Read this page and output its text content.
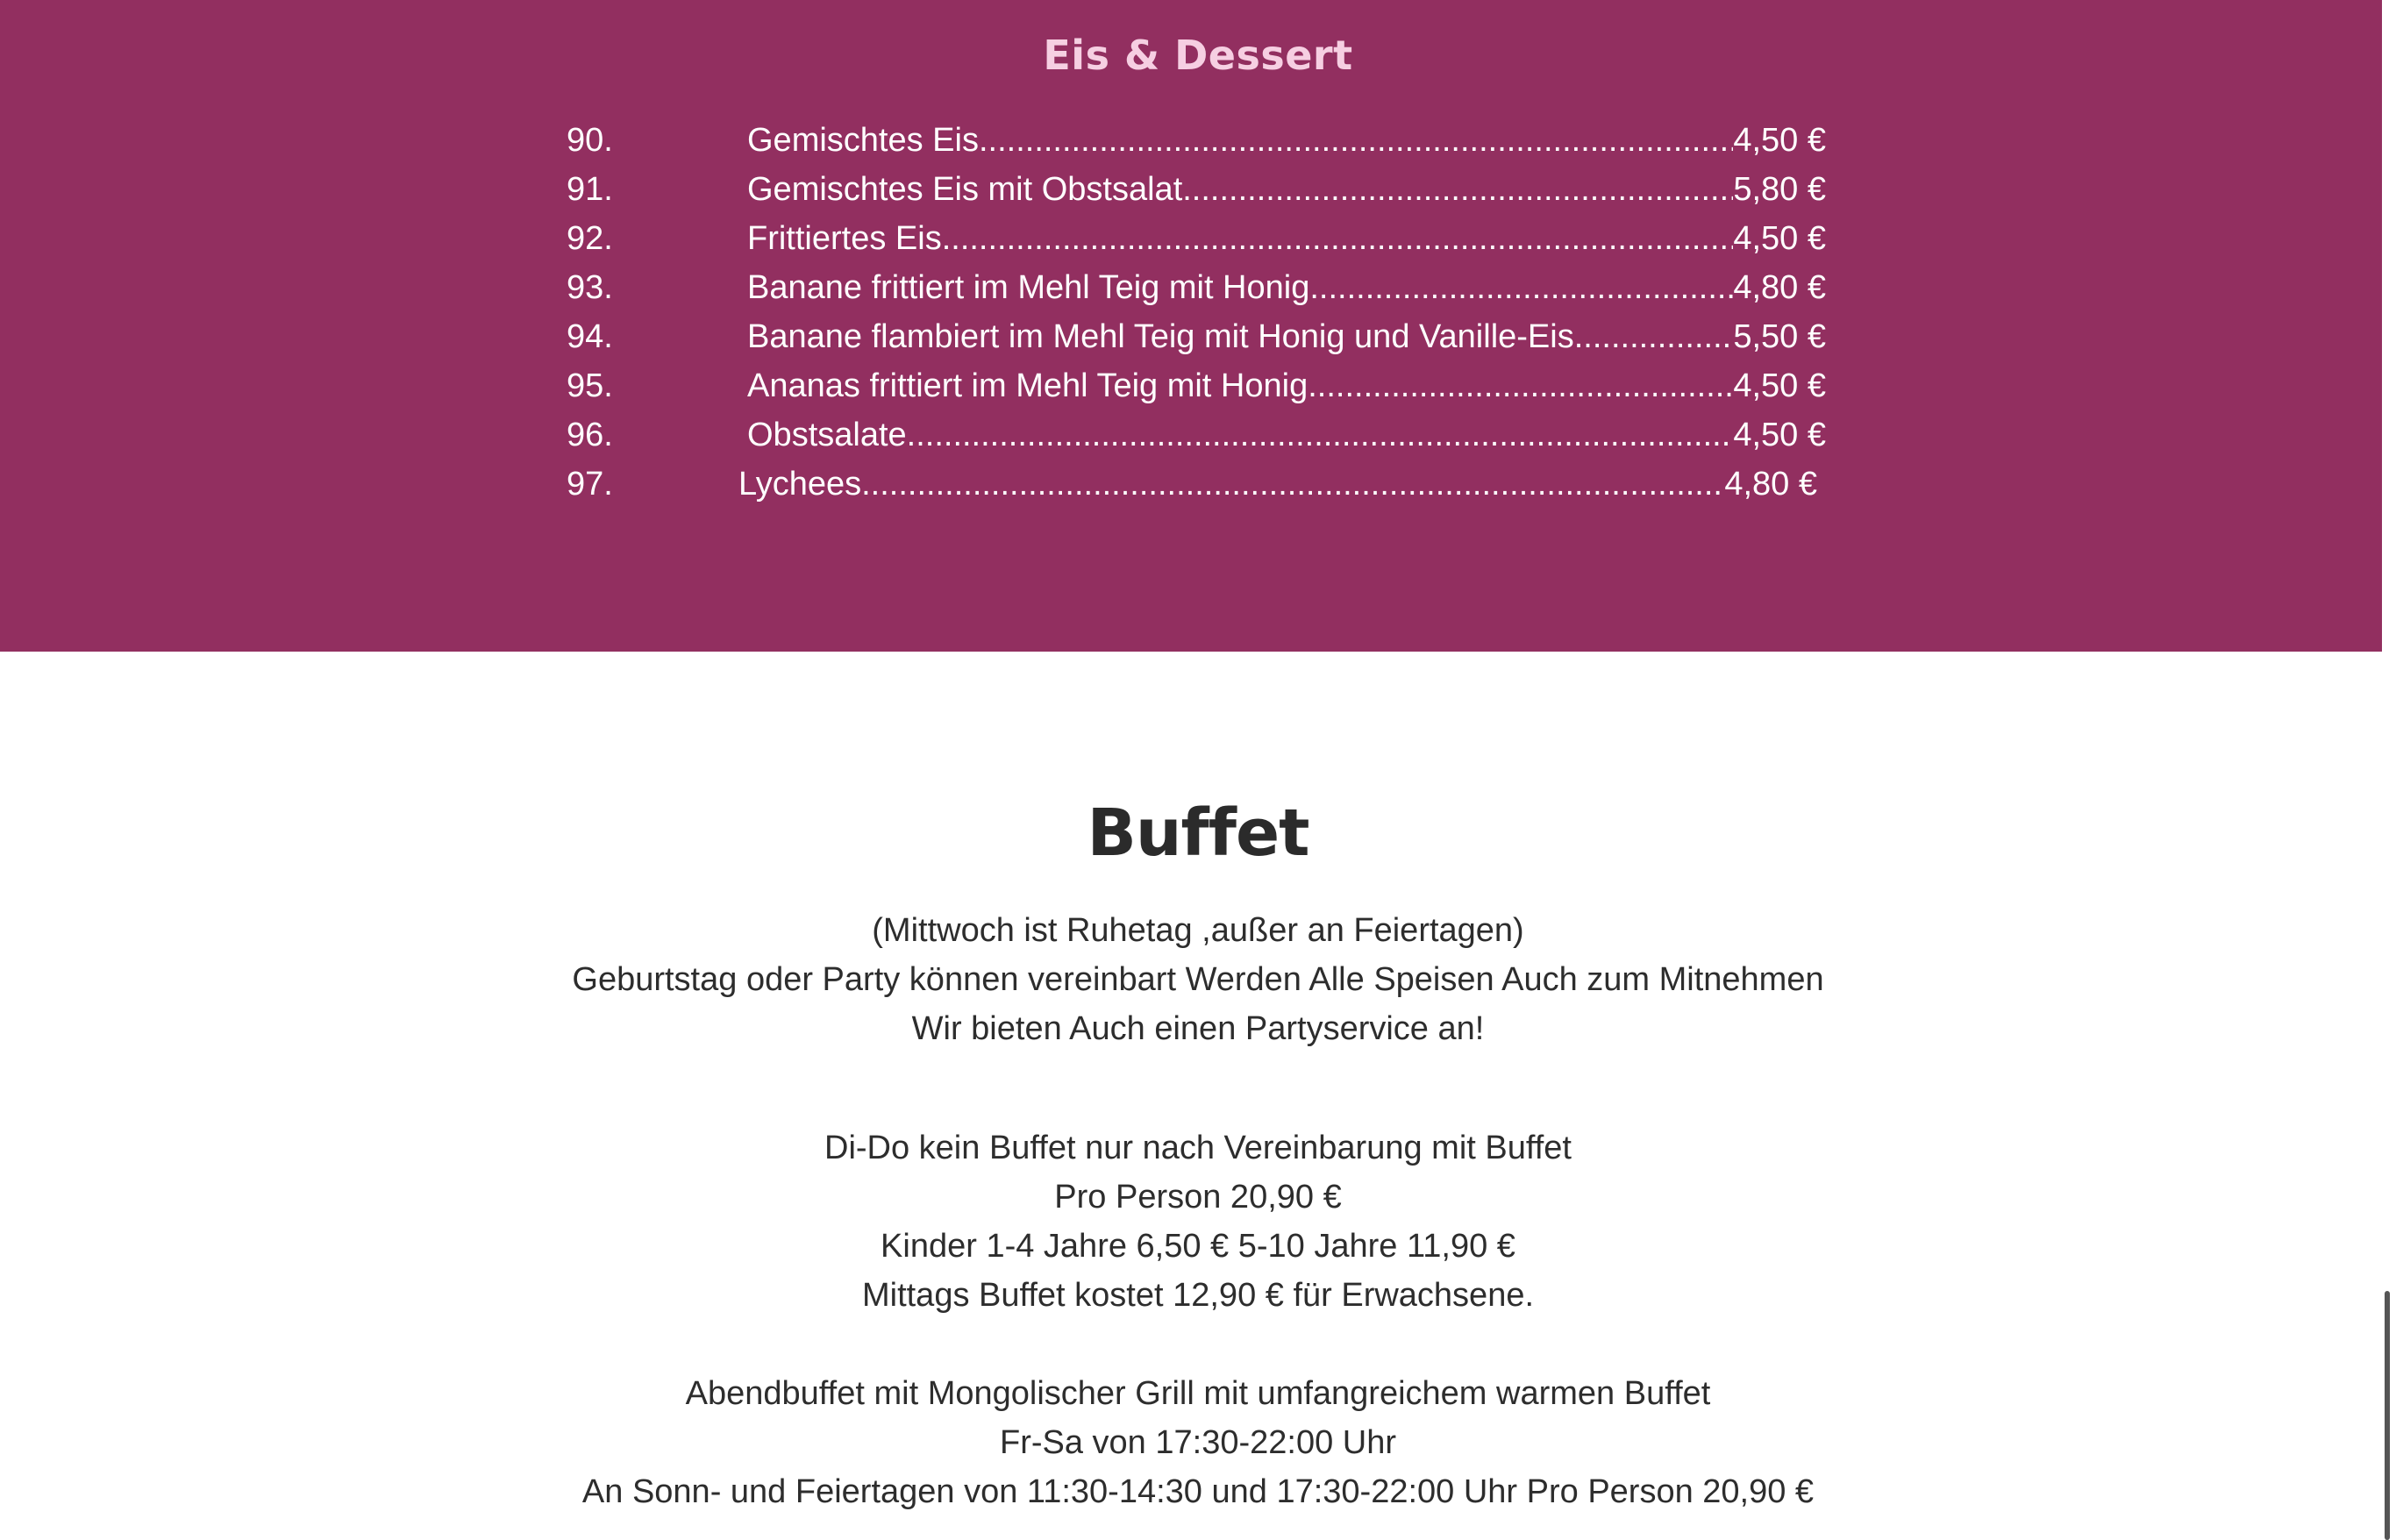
Eis & Dessert
90.	Gemischtes Eis .....	4,50 €
91.	Gemischtes Eis mit Obstsalat .....	5,80 €
92.	Frittiertes Eis .....	4,50 €
93.	Banane frittiert im Mehl Teig mit Honig .....	4,80 €
94.	Banane flambiert im Mehl Teig mit Honig und Vanille-Eis .....	5,50 €
95.	Ananas frittiert im Mehl Teig mit Honig .....	4,50 €
96.	Obstsalate .....	4,50 €
97.	Lychees .....	4,80 €
Buffet

(Mittwoch ist Ruhetag ,außer an Feiertagen)

Geburtstag oder Party können vereinbart Werden Alle Speisen Auch zum Mitnehmen

Wir bieten Auch einen Partyservice an!

Di-Do kein Buffet nur nach Vereinbarung mit Buffet

Pro Person 20,90 €

Kinder 1-4 Jahre 6,50 € 5-10 Jahre 11,90 €

Mittags Buffet kostet 12,90 € für Erwachsene.

Abendbuffet mit Mongolischer Grill mit umfangreichem warmen Buffet

Fr-Sa von 17:30-22:00 Uhr

An Sonn- und Feiertagen von 11:30-14:30 und 17:30-22:00 Uhr Pro Person 20,90 €
